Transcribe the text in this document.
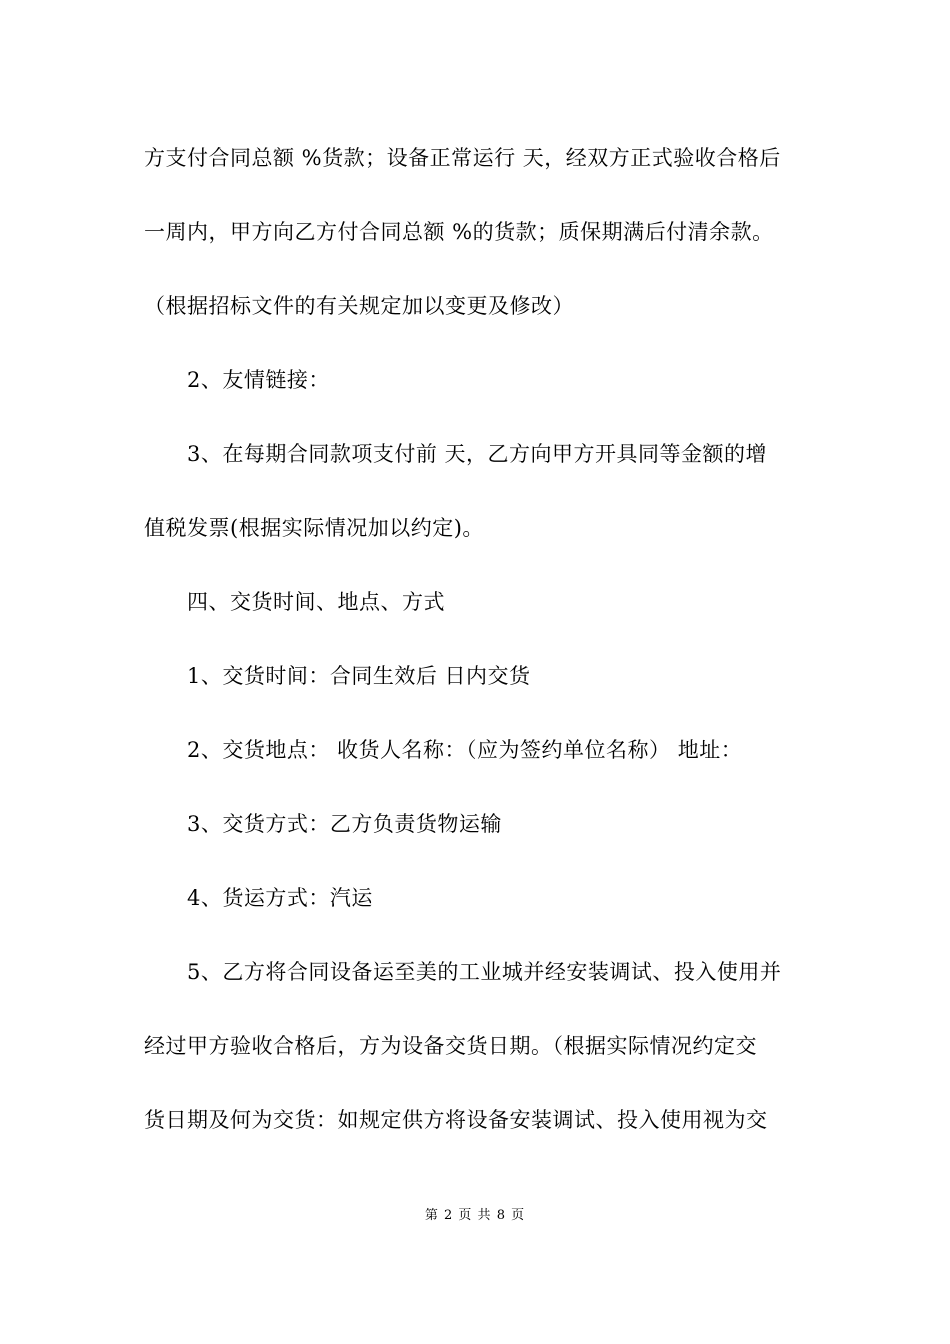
方支付合同总额 %货款；设备正常运行 天，经双方正式验收合格后
一周内，甲方向乙方付合同总额 %的货款；质保期满后付清余款。
（根据招标文件的有关规定加以变更及修改）
　　2、友情链接：
　　3、在每期合同款项支付前 天，乙方向甲方开具同等金额的增
值税发票(根据实际情况加以约定)。
　　四、交货时间、地点、方式
　　1、交货时间：合同生效后 日内交货
　　2、交货地点： 收货人名称：（应为签约单位名称） 地址：
　　3、交货方式：乙方负责货物运输
　　4、货运方式：汽运
　　5、乙方将合同设备运至美的工业城并经安装调试、投入使用并
经过甲方验收合格后，方为设备交货日期。（根据实际情况约定交
货日期及何为交货：如规定供方将设备安装调试、投入使用视为交
第 2 页 共 8 页
